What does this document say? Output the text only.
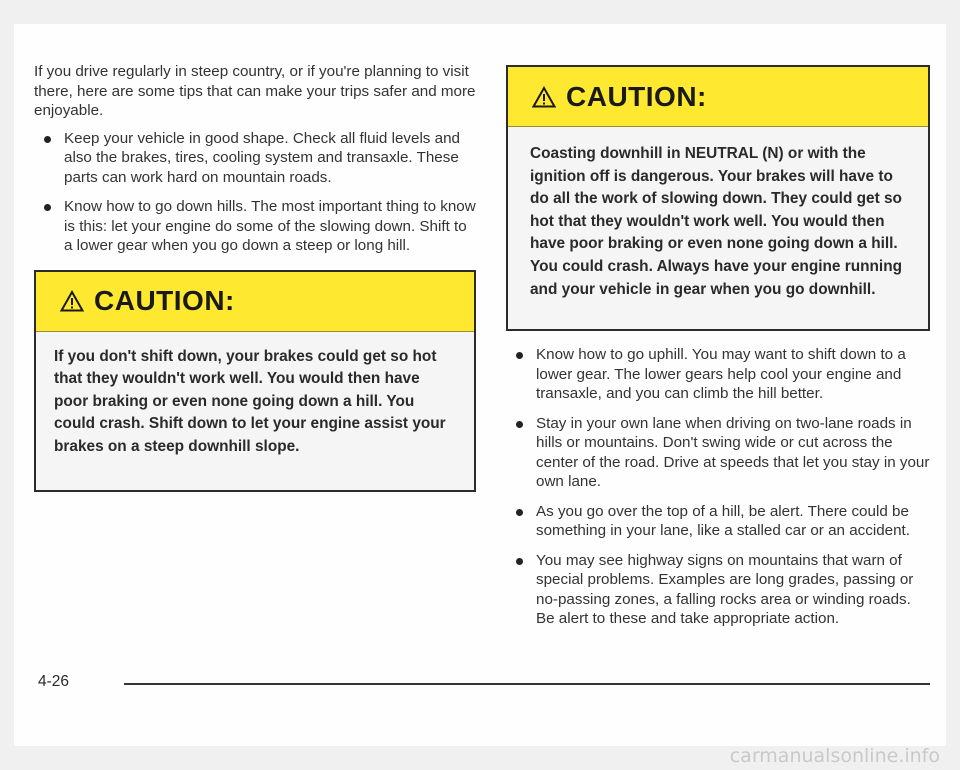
If you drive regularly in steep country, or if you're planning to visit there, here are some tips that can make your trips safer and more enjoyable.

Keep your vehicle in good shape. Check all fluid levels and also the brakes, tires, cooling system and transaxle. These parts can work hard on mountain roads.
Know how to go down hills. The most important thing to know is this: let your engine do some of the slowing down. Shift to a lower gear when you go down a steep or long hill.
CAUTION:

If you don't shift down, your brakes could get so hot that they wouldn't work well. You would then have poor braking or even none going down a hill. You could crash. Shift down to let your engine assist your brakes on a steep downhill slope.

CAUTION:

Coasting downhill in NEUTRAL (N) or with the ignition off is dangerous. Your brakes will have to do all the work of slowing down. They could get so hot that they wouldn't work well. You would then have poor braking or even none going down a hill. You could crash. Always have your engine running and your vehicle in gear when you go downhill.

Know how to go uphill. You may want to shift down to a lower gear. The lower gears help cool your engine and transaxle, and you can climb the hill better.
Stay in your own lane when driving on two-lane roads in hills or mountains. Don't swing wide or cut across the center of the road. Drive at speeds that let you stay in your own lane.
As you go over the top of a hill, be alert. There could be something in your lane, like a stalled car or an accident.
You may see highway signs on mountains that warn of special problems. Examples are long grades, passing or no-passing zones, a falling rocks area or winding roads. Be alert to these and take appropriate action.
4-26
carmanualsonline.info
